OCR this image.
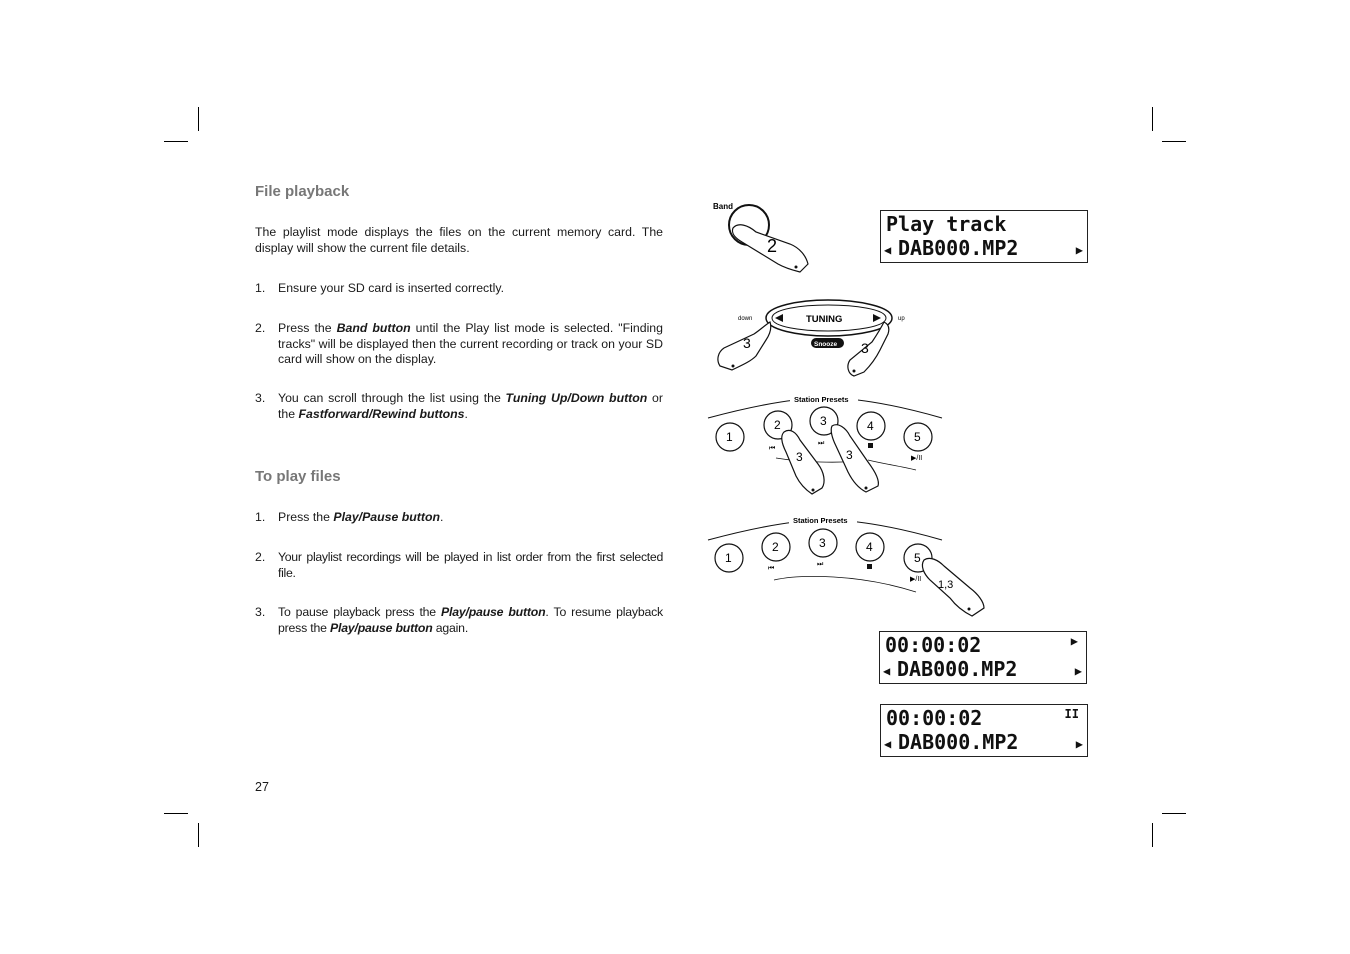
File playback

The playlist mode displays the files on the current memory card. The display will show the current file details.

1. Ensure your SD card is inserted correctly.
2. Press the Band button until the Play list mode is selected. "Finding tracks" will be displayed then the current recording or track on your SD card will show on the display.
3. You can scroll through the list using the Tuning Up/Down button or the Fastforward/Rewind buttons.
To play files
1. Press the Play/Pause button.
2. Your playlist recordings will be played in list order from the first selected file.
3. To pause playback press the Play/pause button. To resume playback press the Play/pause button again.
27
Band
2
TUNING
down	up
Snooze
3	3
Station Presets
1
2	3	4
5
⏮
⏭
▶/II
3	3
Station Presets
1
2	3	4
5
⏮
⏭
▶/II 1,3
Play track
◀ DAB000.MP2	▶
00:00:02	▶
◀ DAB000.MP2	▶
00:00:02	II
◀ DAB000.MP2	▶
